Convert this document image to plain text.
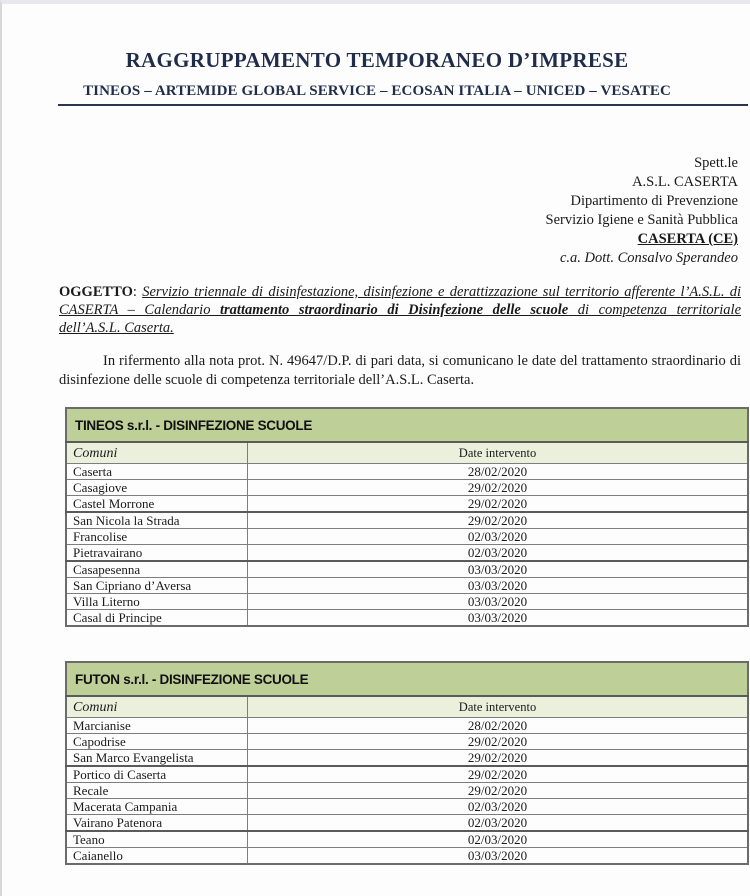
RAGGRUPPAMENTO TEMPORANEO D’IMPRESE
TINEOS – ARTEMIDE GLOBAL SERVICE – ECOSAN ITALIA – UNICED – VESATEC
Spett.le
A.S.L. CASERTA
Dipartimento di Prevenzione
Servizio Igiene e Sanità Pubblica
CASERTA (CE)
c.a. Dott. Consalvo Sperandeo
OGGETTO: Servizio triennale di disinfestazione, disinfezione e derattizzazione sul territorio afferente l’A.S.L. di CASERTA – Calendario trattamento straordinario di Disinfezione delle scuole di competenza territoriale dell’A.S.L. Caserta.
In rifermento alla nota prot. N. 49647/D.P. di pari data, si comunicano le date del trattamento straordinario di disinfezione delle scuole di competenza territoriale dell’A.S.L. Caserta.
TINEOS s.r.l. - DISINFEZIONE SCUOLE	
Comuni	Date intervento
Caserta	28/02/2020
Casagiove	29/02/2020
Castel Morrone	29/02/2020
San Nicola la Strada	29/02/2020
Francolise	02/03/2020
Pietravairano	02/03/2020
Casapesenna	03/03/2020
San Cipriano d’Aversa	03/03/2020
Villa Literno	03/03/2020
Casal di Principe	03/03/2020
FUTON s.r.l. - DISINFEZIONE SCUOLE	
Comuni	Date intervento
Marcianise	28/02/2020
Capodrise	29/02/2020
San Marco Evangelista	29/02/2020
Portico di Caserta	29/02/2020
Recale	29/02/2020
Macerata Campania	02/03/2020
Vairano Patenora	02/03/2020
Teano	02/03/2020
Caianello	03/03/2020
